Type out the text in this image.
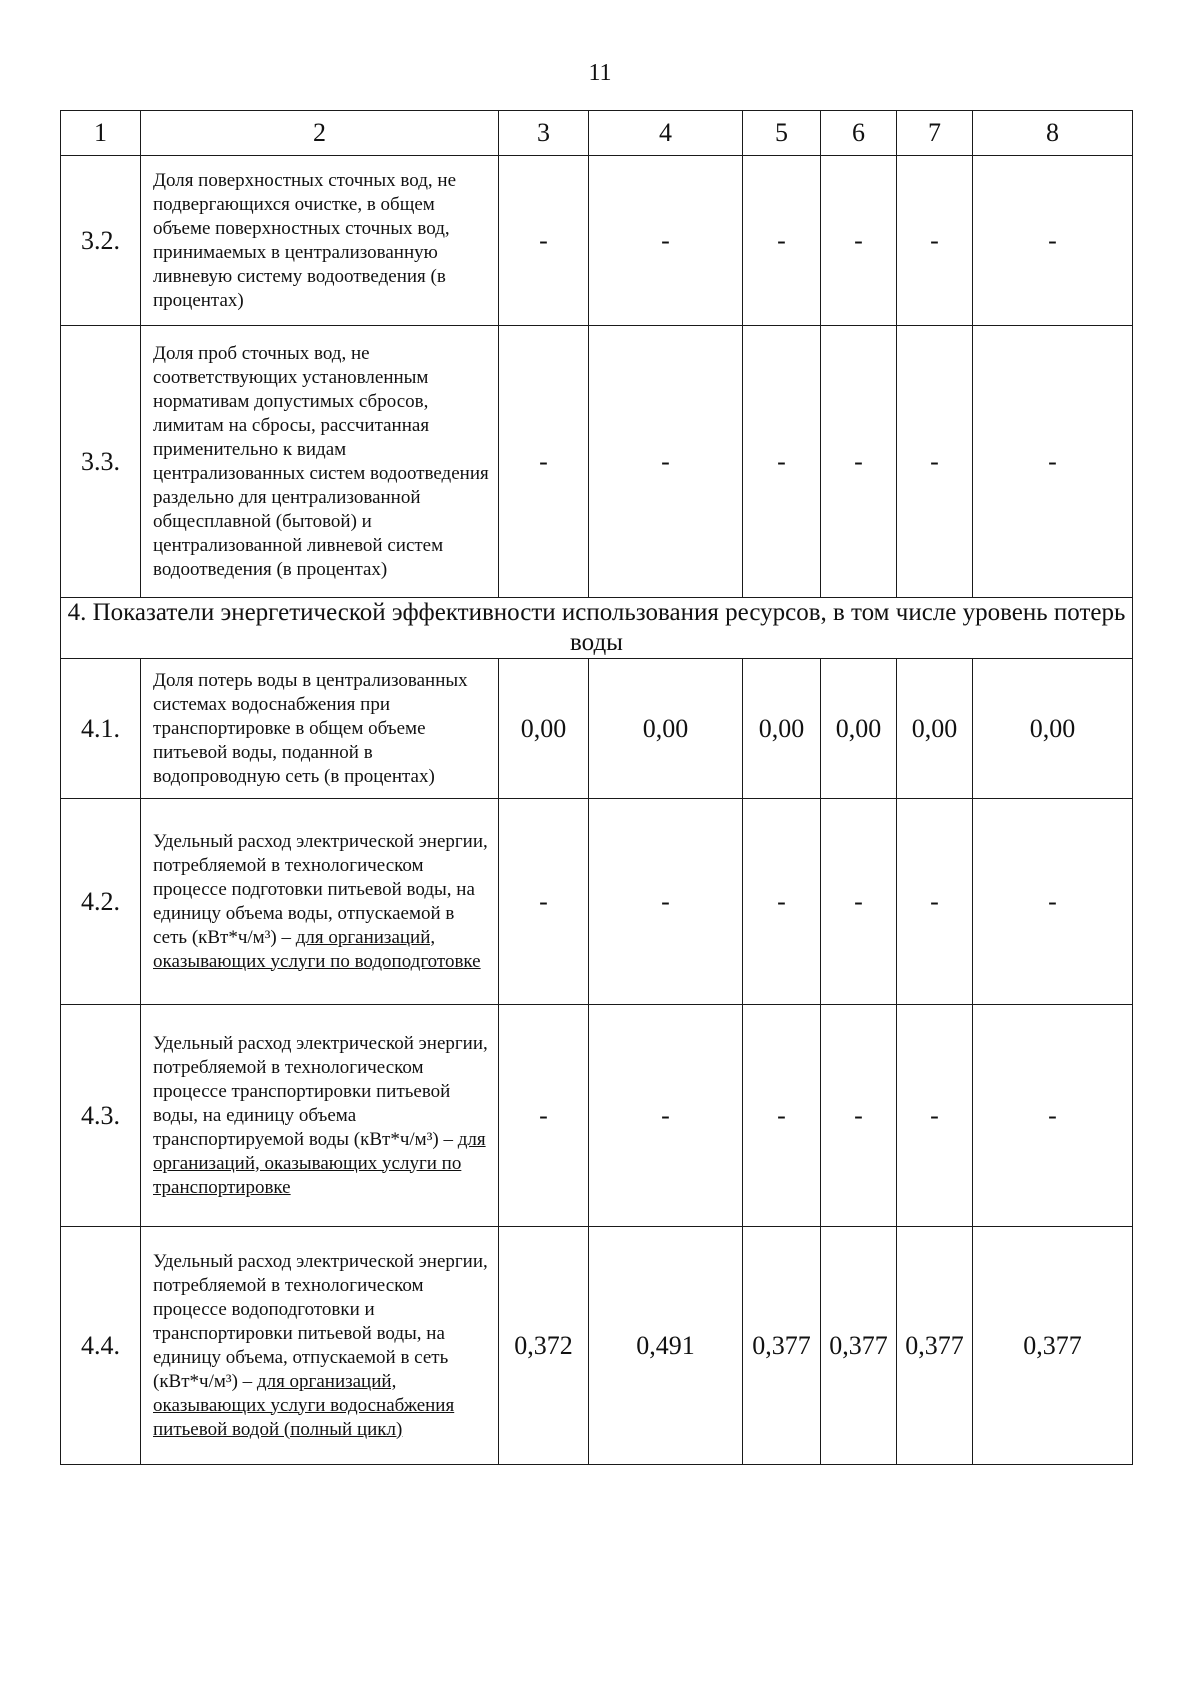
11
1	2	3	4	5	6	7	8
3.2.	Доля поверхностных сточных вод, не подвергающихся очистке, в общем объеме поверхностных сточных вод, принимаемых в централизованную ливневую систему водоотведения (в процентах)	-	-	-	-	-	-
3.3.	Доля проб сточных вод, не соответствующих установленным нормативам допустимых сбросов, лимитам на сбросы, рассчитанная применительно к видам централизованных систем водоотведения раздельно для централизованной общесплавной (бытовой) и централизованной ливневой систем водоотведения (в процентах)	-	-	-	-	-	-
4. Показатели энергетической эффективности использования ресурсов, в том числе уровень потерь воды							
4.1.	Доля потерь воды в централизованных системах водоснабжения при транспортировке в общем объеме питьевой воды, поданной в водопроводную сеть (в процентах)	0,00	0,00	0,00	0,00	0,00	0,00
4.2.	Удельный расход электрической энергии, потребляемой в технологическом процессе подготовки питьевой воды, на единицу объема воды, отпускаемой в сеть (кВт*ч/м³) – для организаций, оказывающих услуги по водоподготовке	-	-	-	-	-	-
4.3.	Удельный расход электрической энергии, потребляемой в технологическом процессе транспортировки питьевой воды, на единицу объема транспортируемой воды (кВт*ч/м³) – для организаций, оказывающих услуги по транспортировке	-	-	-	-	-	-
4.4.	Удельный расход электрической энергии, потребляемой в технологическом процессе водоподготовки и транспортировки питьевой воды, на единицу объема, отпускаемой в сеть (кВт*ч/м³) – для организаций, оказывающих услуги водоснабжения питьевой водой (полный цикл)	0,372	0,491	0,377	0,377	0,377	0,377
